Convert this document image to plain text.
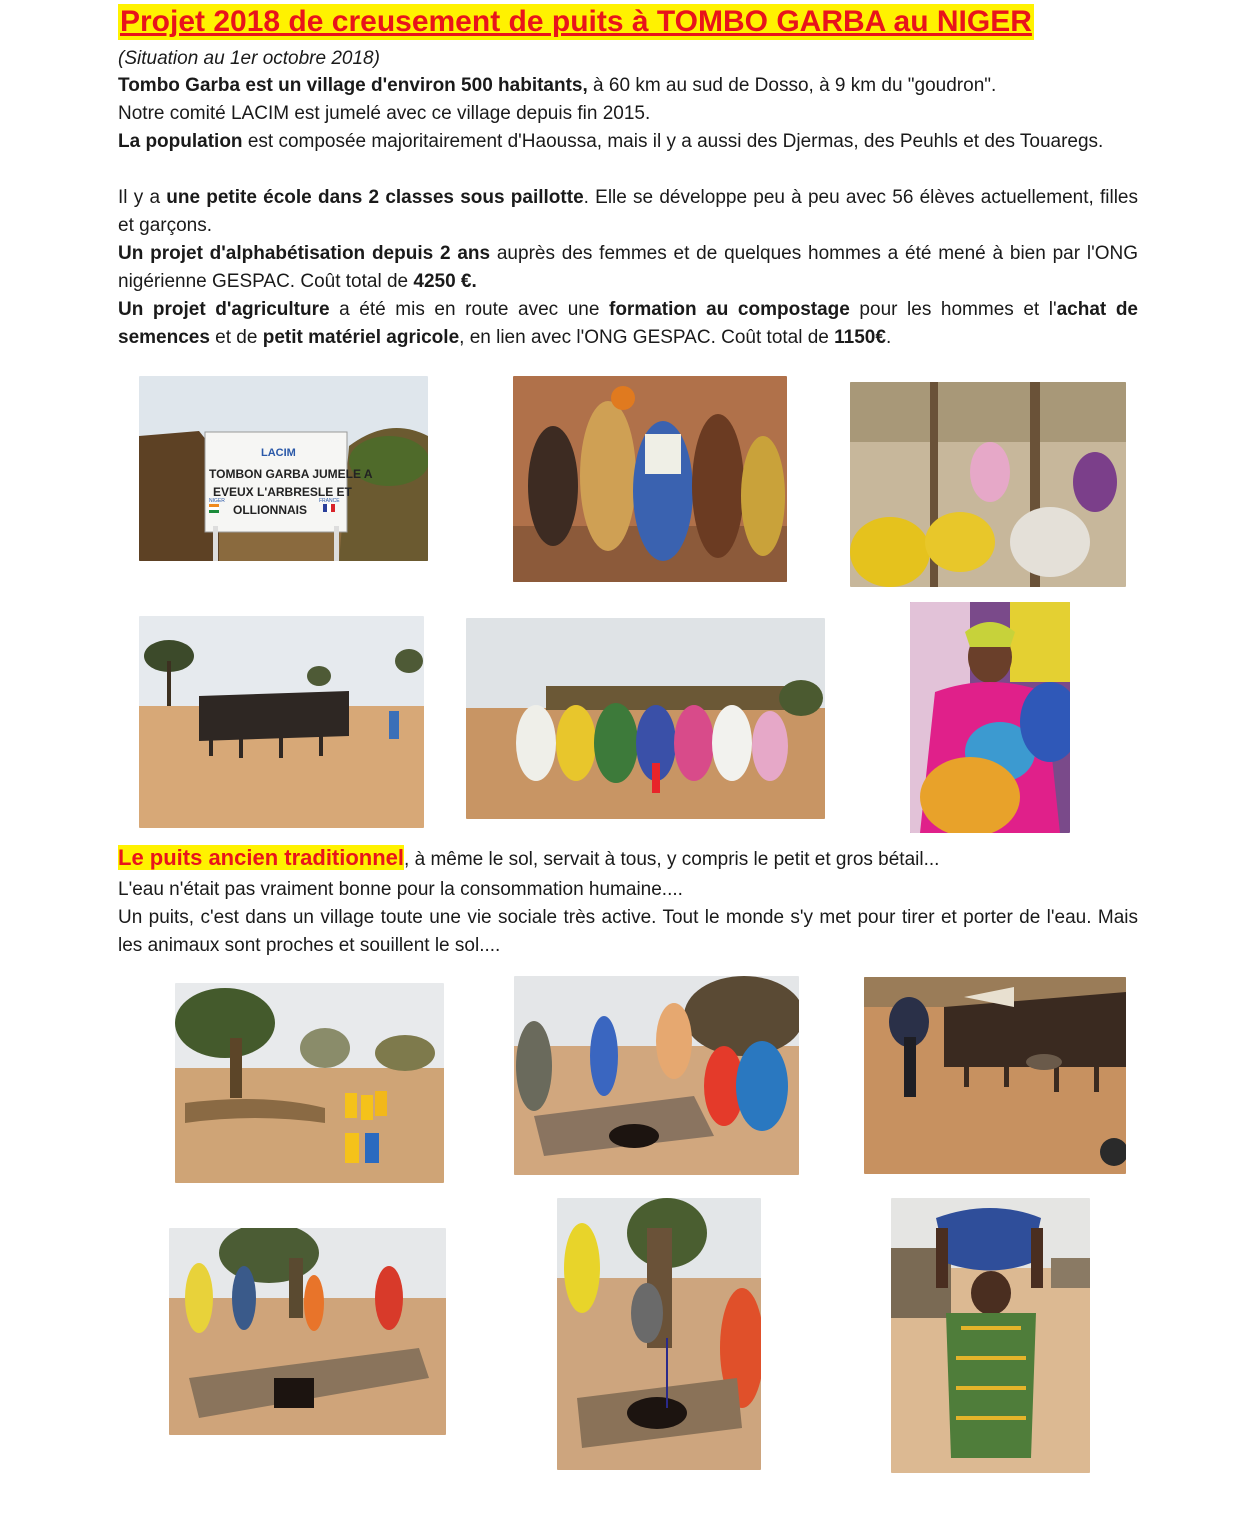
Projet 2018 de creusement de puits à TOMBO GARBA au NIGER
(Situation au 1er octobre 2018)

Tombo Garba est un village d'environ 500 habitants, à 60 km au sud de Dosso, à 9 km du "goudron".

Notre comité LACIM est jumelé avec ce village depuis fin 2015.

La population est composée majoritairement d'Haoussa, mais il y a aussi des Djermas, des Peuhls et des Touaregs.

Il y a une petite école dans 2 classes sous paillotte. Elle se développe peu à peu avec 56 élèves actuellement, filles et garçons.

Un projet d'alphabétisation depuis 2 ans auprès des femmes et de quelques hommes a été mené à bien par l'ONG nigérienne GESPAC. Coût total de 4250 €.

Un projet d'agriculture a été mis en route avec une formation au compostage pour les hommes et l'achat de semences et de petit matériel agricole, en lien avec l'ONG GESPAC. Coût total de 1150€.

LACIM
TOMBON GARBA JUMELE A
EVEUX L'ARBRESLE ET
OLLIONNAIS
NIGER	FRANCE

Le puits ancien traditionnel, à même le sol, servait à tous, y compris le petit et gros bétail...

L'eau n'était pas vraiment bonne pour la consommation humaine....

Un puits, c'est dans un village toute une vie sociale très active. Tout le monde s'y met pour tirer et porter de l'eau. Mais les animaux sont proches et souillent le sol....
